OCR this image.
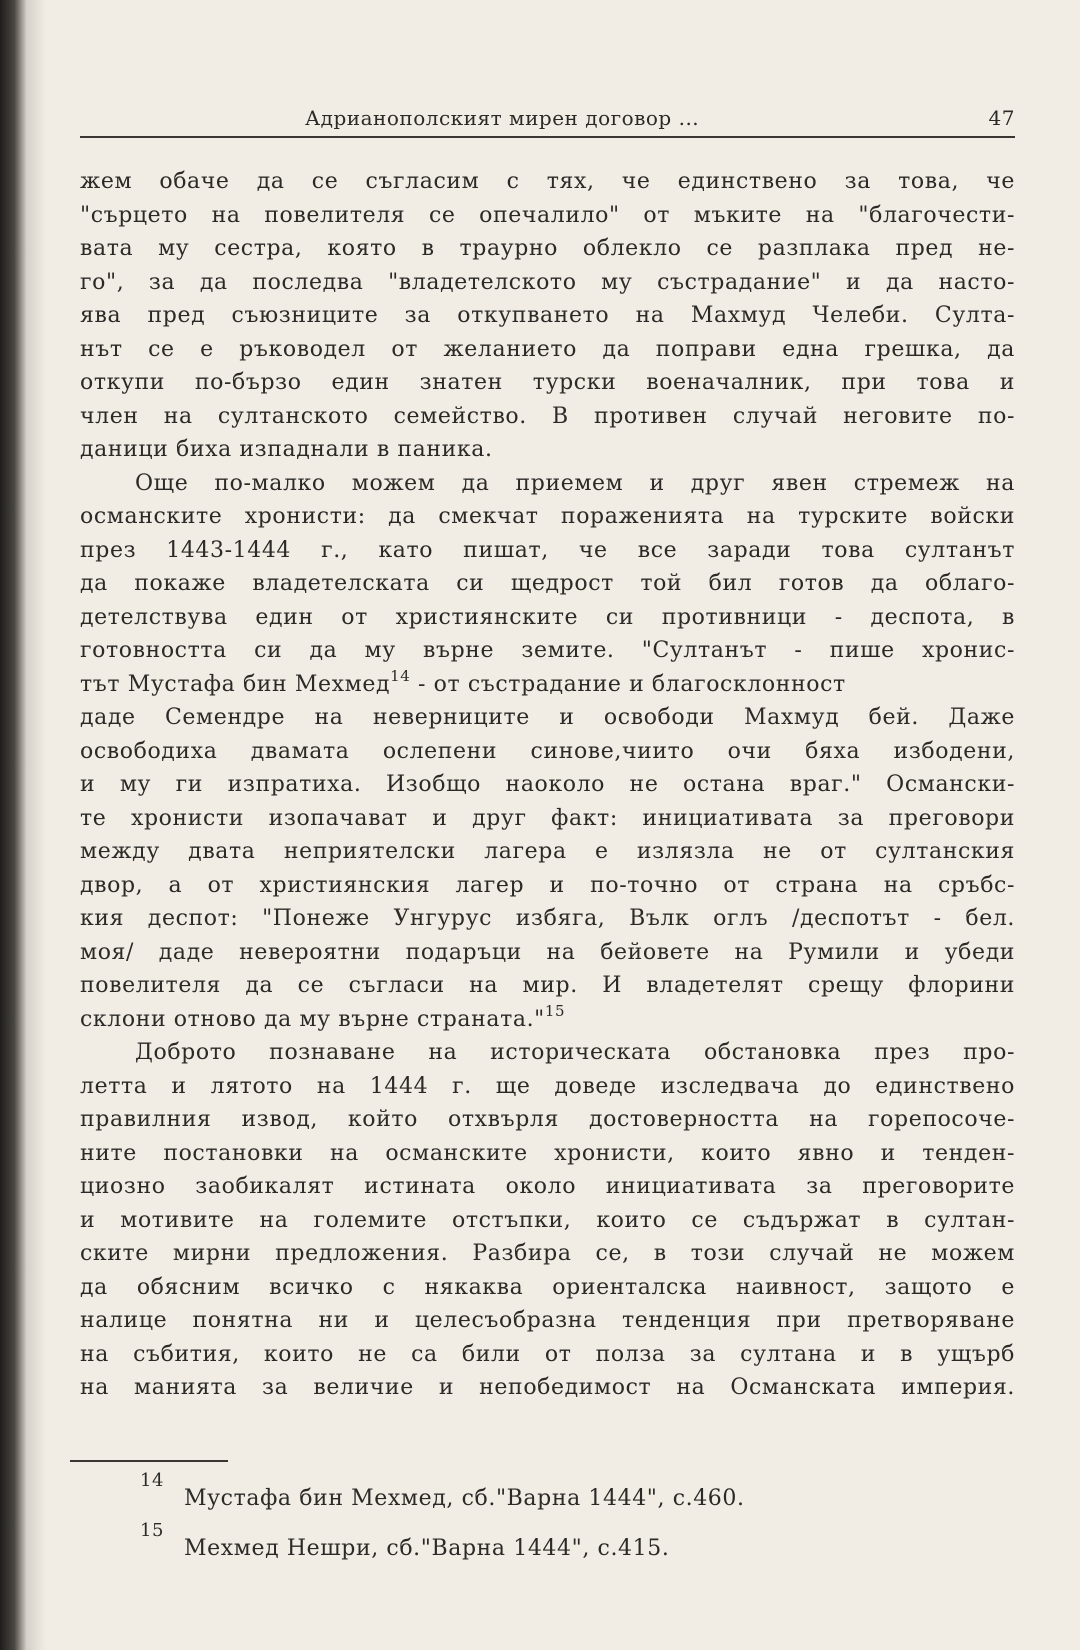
Адрианополският мирен договор ...	47
жем обаче да се съгласим с тях, че единствено за това, че
"сърцето на повелителя се опечалило" от мъките на "благочести-
вата му сестра, която в траурно облекло се разплака пред не-
го", за да последва "владетелското му състрадание" и да насто-
ява пред съюзниците за откупването на Махмуд Челеби. Султа-
нът се е ръководел от желанието да поправи една грешка, да
откупи по-бързо един знатен турски военачалник, при това и
член на султанското семейство. В противен случай неговите по-
даници биха изпаднали в паника.
Още по-малко можем да приемем и друг явен стремеж на
османските хронисти: да смекчат пораженията на турските войски
през 1443-1444 г., като пишат, че все заради това султанът
да покаже владетелската си щедрост той бил готов да облаго-
детелствува един от християнските си противници - деспота, в
готовността си да му върне земите. "Султанът - пише хронис-
тът Мустафа бин Мехмед$^{14}$ - от състрадание и благосклонност
даде Семендре на неверниците и освободи Махмуд бей. Даже
освободиха двамата ослепени синове,чиито очи бяха избодени,
и му ги изпратиха. Изобщо наоколо не остана враг." Османски-
те хронисти изопачават и друг факт: инициативата за преговори
между двата неприятелски лагера е излязла не от султанския
двор, а от християнския лагер и по-точно от страна на сръбс-
кия деспот: "Понеже Унгурус избяга, Вълк оглъ /деспотът - бел.
моя/ даде невероятни подаръци на бейовете на Румили и убеди
повелителя да се съгласи на мир. И владетелят срещу флорини
склони отново да му върне страната."$^{15}$
Доброто познаване на историческата обстановка през про-
летта и лятото на 1444 г. ще доведе изследвача до единствено
правилния извод, който отхвърля достоверността на горепосоче-
ните постановки на османските хронисти, които явно и тенден-
циозно заобикалят истината около инициативата за преговорите
и мотивите на големите отстъпки, които се съдържат в султан-
ските мирни предложения. Разбира се, в този случай не можем
да обясним всичко с някаква ориенталска наивност, защото е
налице понятна ни и целесъобразна тенденция при претворяване
на събития, които не са били от полза за султана и в ущърб
на манията за величие и непобедимост на Османската империя.
14
Мустафа бин Мехмед, сб."Варна 1444", с.460.
15
Мехмед Нешри, сб."Варна 1444", с.415.
